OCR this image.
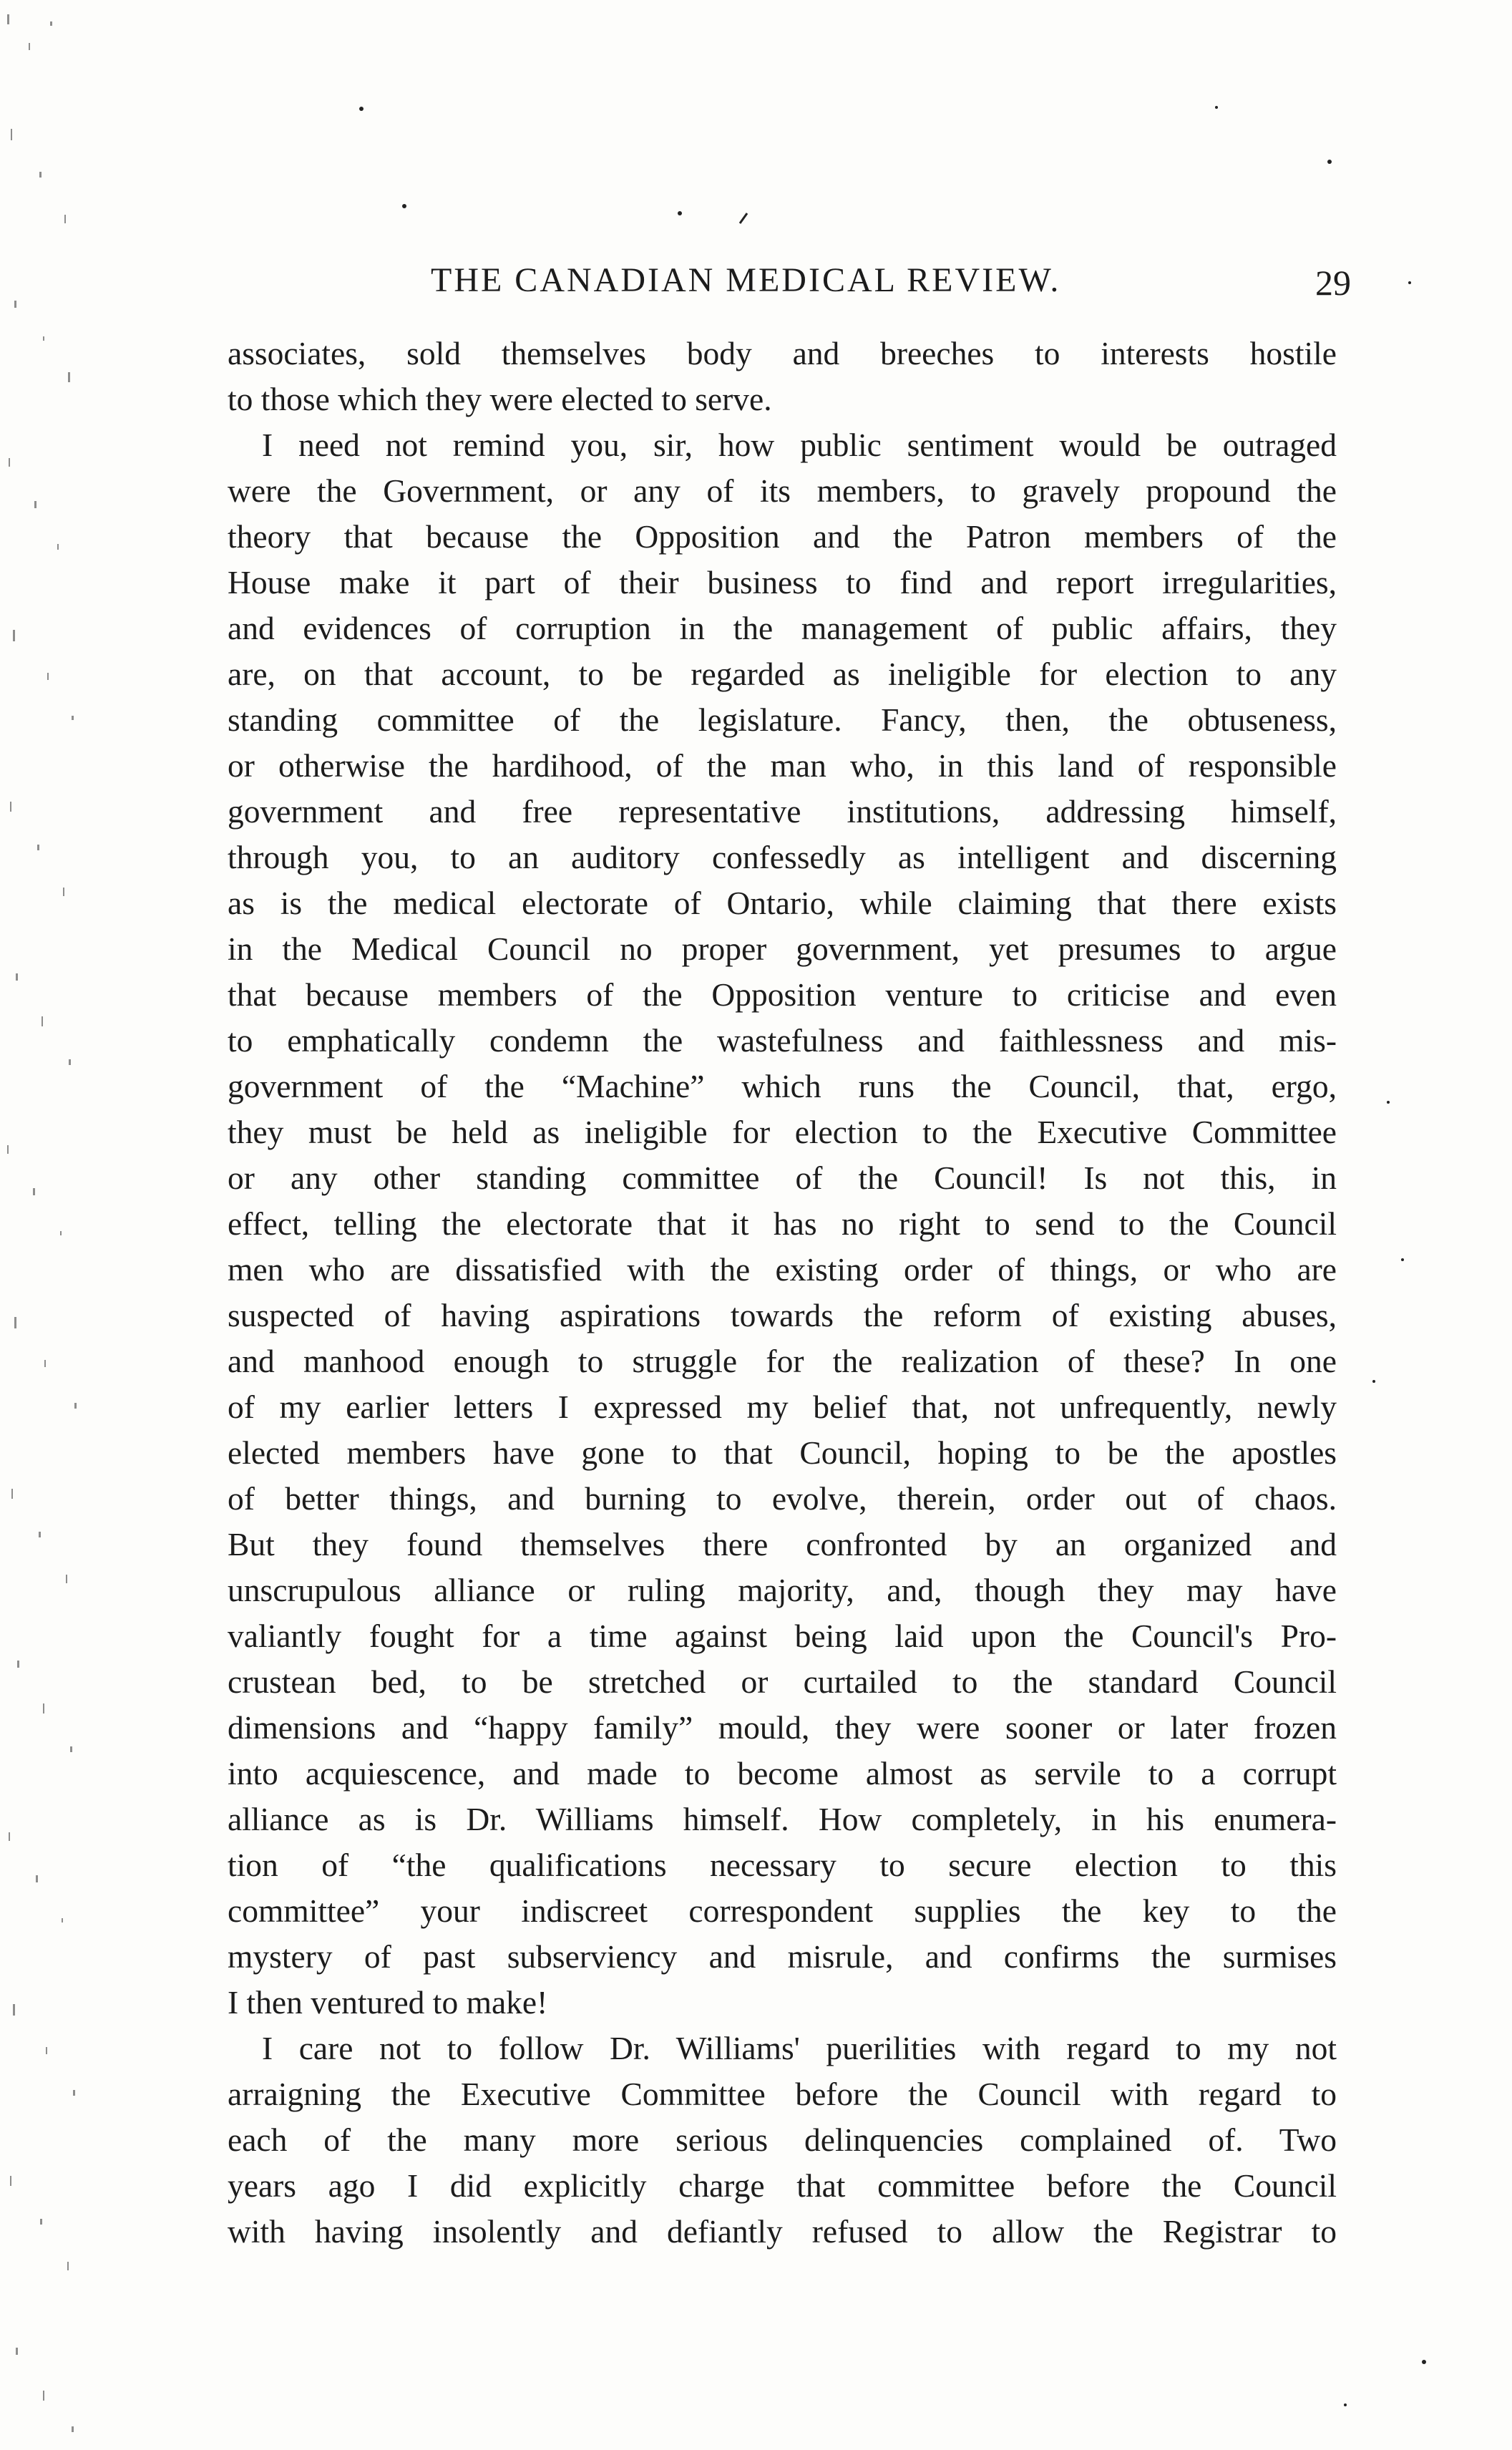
THE CANADIAN MEDICAL REVIEW.	29
associates, sold themselves body and breeches to interests hostile
to those which they were elected to serve.
I need not remind you, sir, how public sentiment would be outraged
were the Government, or any of its members, to gravely propound the
theory that because the Opposition and the Patron members of the
House make it part of their business to find and report irregularities,
and evidences of corruption in the management of public affairs, they
are, on that account, to be regarded as ineligible for election to any
standing committee of the legislature. Fancy, then, the obtuseness,
or otherwise the hardihood, of the man who, in this land of responsible
government and free representative institutions, addressing himself,
through you, to an auditory confessedly as intelligent and discerning
as is the medical electorate of Ontario, while claiming that there exists
in the Medical Council no proper government, yet presumes to argue
that because members of the Opposition venture to criticise and even
to emphatically condemn the wastefulness and faithlessness and mis-
government of the “Machine” which runs the Council, that, ergo,
they must be held as ineligible for election to the Executive Committee
or any other standing committee of the Council! Is not this, in
effect, telling the electorate that it has no right to send to the Council
men who are dissatisfied with the existing order of things, or who are
suspected of having aspirations towards the reform of existing abuses,
and manhood enough to struggle for the realization of these? In one
of my earlier letters I expressed my belief that, not unfrequently, newly
elected members have gone to that Council, hoping to be the apostles
of better things, and burning to evolve, therein, order out of chaos.
But they found themselves there confronted by an organized and
unscrupulous alliance or ruling majority, and, though they may have
valiantly fought for a time against being laid upon the Council's Pro-
crustean bed, to be stretched or curtailed to the standard Council
dimensions and “happy family” mould, they were sooner or later frozen
into acquiescence, and made to become almost as servile to a corrupt
alliance as is Dr. Williams himself. How completely, in his enumera-
tion of “the qualifications necessary to secure election to this
committee” your indiscreet correspondent supplies the key to the
mystery of past subserviency and misrule, and confirms the surmises
I then ventured to make!
I care not to follow Dr. Williams' puerilities with regard to my not
arraigning the Executive Committee before the Council with regard to
each of the many more serious delinquencies complained of. Two
years ago I did explicitly charge that committee before the Council
with having insolently and defiantly refused to allow the Registrar to
